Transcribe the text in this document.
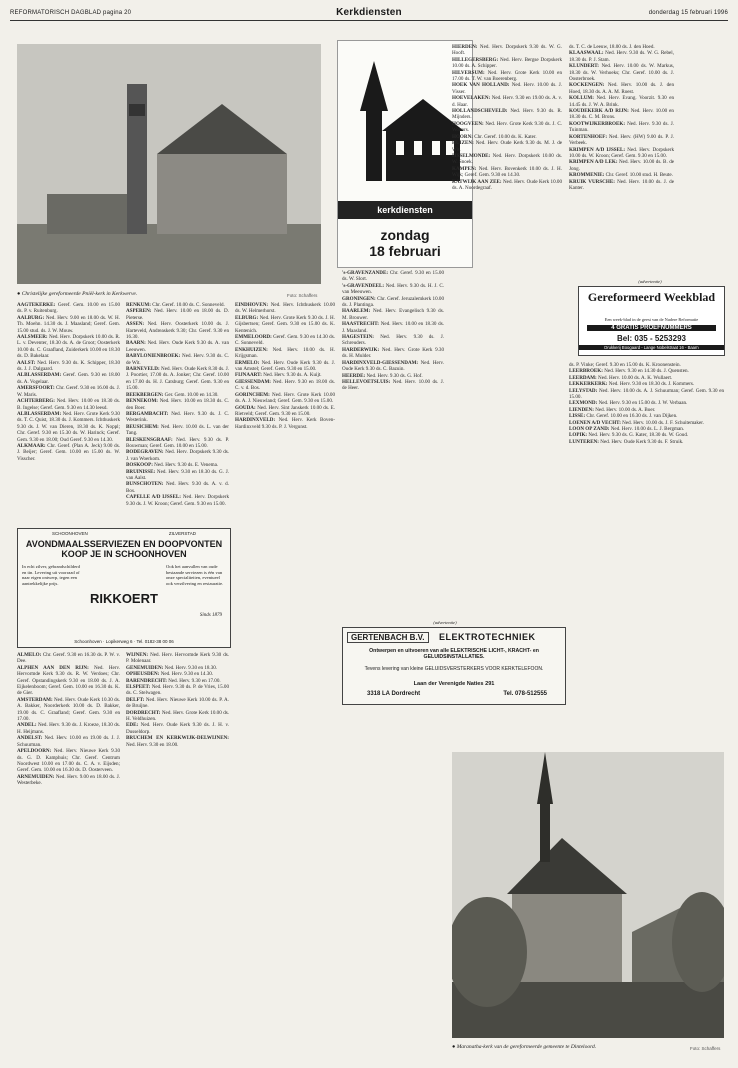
REFORMATORISCH DAGBLAD pagina 20	Kerkdiensten	donderdag 15 februari 1996
● Christelijke gereformeerde Pniël-kerk in Kerkwerve.	Foto: Schaffers
kerkdiensten
zondag
18 februari

AAGTEKERKE: Geref. Gem. 10.00 en 15.00 ds. P. v. Ruitenburg.

AALBURG: Ned. Herv. 9.00 en 18.00 ds. W. H. Th. Moehn. 14.30 ds. J. Maasland; Geref. Gem. 15.00 stud. ds. J. W. Mouw.

AALSMEER: Ned. Herv. Dorpskerk 10.00 ds. R. L. v. Deventer, 18.30 ds. A. de Groot; Oosterkerk 10.00 ds. C. Graafland, Zuiderkerk 10.00 en 18.30 ds. D. Bakelaar.

AALST: Ned. Herv. 9.30 ds. K. Schipper, 18.30 ds. J. J. Dalgaard.

ALBLASSERDAM: Geref. Gem. 9.30 en 18.00 ds. A. Vogelaar.

AMERSFOORT: Chr. Geref. 9.30 en 16.00 ds. J. W. Maris.

ACHTERBERG: Ned. Herv. 10.00 en 18.30 ds. B. Ingelse; Geref. Gem. 9.30 en 14.30 leesd.

ALBLASSERDAM: Ned. Herv. Grote Kerk 9.30 ds. T. C. Quist, 18.30 ds. J. Kommers. Ichthuskerk 9.30 ds. J. W. van Dieren, 18.30 ds. K. Noppl; Chr. Geref. 9.30 en 15.30 ds. W. Harinck; Geref. Gem. 9.30 en 18.00; Oud Geref. 9.30 en 14.30.

ALKMAAR: Chr. Geref. (Plan A. Jeck) 9.00 ds. J. Beijer; Geref. Gem. 10.00 en 15.00 ds. W. Visscher.

SCHOONHOVEN	ZILVERSTAD
AVONDMAALSSERVIEZEN EN DOOPVONTEN KOOP JE IN SCHOONHOVEN
In echt zilver, gebrandschilderd en tin. Levering uit voorraad of naar eigen ontwerp, tegen een aantrekkelijke prijs.
Ook het aanvullen van oude bestaande serviezen is één van onze specialiteiten, eventueel ook verzilvering en restauratie.
RIKKOERT
Sinds 1879
Schoonhoven · Lopikerweg 6 · Tel. 0182-38 00 06

ALMELO: Chr. Geref. 9.30 en 16.30 ds. P. W. v. Dee.

ALPHEN AAN DEN RIJN: Ned. Herv. Hervormde Kerk 9.30 ds. R. W. Verdoes; Chr. Geref. Opstandingskerk 9.30 en 18.00 ds. J. A. Eijkelenboom; Geref. Gem. 10.00 en 16.30 ds. K. de Gier.

AMSTERDAM: Ned. Herv. Oude Kerk 10.30 ds. A. Bakker, Noorderkerk 10.00 ds. D. Bakker, 19.00 ds. C. Graafland; Geref. Gem. 9.30 en 17.00.

ANDEL: Ned. Herv. 9.30 ds. J. Kroeze, 18.30 ds. H. Heijmans.

ANDELST: Ned. Herv. 10.00 en 19.00 ds. J. J. Schuurman.

APELDOORN: Ned. Herv. Nieuwe Kerk 9.30 ds. G. D. Kamphuis; Chr. Geref. Centrum Noordwest 10.00 en 17.00 ds. C. A. v. Eijsden; Geref. Gem. 10.00 en 16.30 ds. D. Oosterveen.

ARNEMUIDEN: Ned. Herv. 9.00 en 18.00 ds. J. Westerbeke.

RENKUM: Chr. Geref. 10.00 ds. C. Sonneveld.

ASPEREN: Ned. Herv. 10.00 en 18.00 ds. D. Pieterse.

ASSEN: Ned. Herv. Oosterkerk 10.00 ds. J. Harteveld, Andreaskerk 9.30; Chr. Geref. 9.30 en 16.30.

BAARN: Ned. Herv. Oude Kerk 9.30 ds. A. van Leeuwen.

BABYLONIENBROEK: Ned. Herv. 9.30 ds. C. de Wit.

BARNEVELD: Ned. Herv. Oude Kerk 8.30 ds. J. J. Poortier, 17.00 ds. A. Jonker; Chr. Geref. 10.00 en 17.00 ds. H. J. Catsburg; Geref. Gem. 9.30 en 15.00.

BEEKBERGEN: Ger. Gem. 10.00 en 14.30.

BENNEKOM: Ned. Herv. 10.00 en 18.30 ds. C. den Boer.

BERGAMBACHT: Ned. Herv. 9.30 ds. J. C. Westerink.

BEUSICHEM: Ned. Herv. 10.00 ds. L. van der Tang.

BLESKENSGRAAF: Ned. Herv. 9.30 ds. P. Bouwman; Geref. Gem. 10.00 en 15.00.

BODEGRAVEN: Ned. Herv. Dorpskerk 9.30 ds. J. van Woerkom.

BOSKOOP: Ned. Herv. 9.30 ds. E. Venema.

BRUINISSE: Ned. Herv. 9.30 en 18.30 ds. G. J. van Aalst.

BUNSCHOTEN: Ned. Herv. 9.30 ds. A. v. d. Bos.

CAPELLE A/D IJSSEL: Ned. Herv. Dorpskerk 9.30 ds. J. W. Kroon; Geref. Gem. 9.30 en 15.00.

WIJNEN: Ned. Herv. Hervormde Kerk 9.30 ds. P. Molenaar.

GENEMUIDEN: Ned. Herv. 9.30 en 18.30.

OPHEUSDEN: Ned. Herv. 9.30 en 14.30.

BARENDRECHT: Ned. Herv. 9.30 en 17.00.

ELSPEET: Ned. Herv. 9.30 ds. P. de Vries, 15.00 ds. C. Stelwagen.

DELFT: Ned. Herv. Nieuwe Kerk 10.00 ds. P. A. de Bruijne.

DORDRECHT: Ned. Herv. Grote Kerk 10.00 ds. H. Veldhuizen.

EDE: Ned. Herv. Oude Kerk 9.30 ds. J. H. v. Dusseldorp.

BRUCHEM EN KERKWIJK-DELWIJNEN: Ned. Herv. 9.30 en 18.00.

EINDHOVEN: Ned. Herv. Ichthuskerk 10.00 ds. W. Helmerhorst.

ELBURG: Ned. Herv. Grote Kerk 9.30 ds. J. H. Gijsbertsen; Geref. Gem. 9.30 en 15.00 ds. K. Kentenich.

EMMELOORD: Geref. Gem. 9.30 en 14.30 ds. C. Sonneveld.

ENKHUIZEN: Ned. Herv. 10.00 ds. H. Krijgsman.

ERMELO: Ned. Herv. Oude Kerk 9.30 ds. J. van Amstel; Geref. Gem. 9.30 en 15.00.

FIJNAART: Ned. Herv. 9.30 ds. A. Kuijt.

GIESSENDAM: Ned. Herv. 9.30 en 18.00 ds. C. v. d. Bos.

GORINCHEM: Ned. Herv. Grote Kerk 10.00 ds. A. J. Nieuwland; Geref. Gem. 9.30 en 15.00.

GOUDA: Ned. Herv. Sint Janskerk 10.00 ds. E. Rietveld; Geref. Gem. 9.30 en 15.00.

HARDINXVELD: Ned. Herv. Kerk Boven-Hardinxveld 9.30 ds. P. J. Vergunst.

's-GRAVENZANDE: Chr. Geref. 9.30 en 15.00 ds. W. Slort.

's-GRAVENDEEL: Ned. Herv. 9.30 ds. H. J. C. van Meeuwen.

GRONINGEN: Chr. Geref. Jeruzalemkerk 10.00 ds. J. Plantinga.

HAARLEM: Ned. Herv. Evangelisch 9.30 ds. M. Brouwer.

HAASTRECHT: Ned. Herv. 10.00 en 18.30 ds. J. Maasland.

HAGESTEIN: Ned. Herv. 9.30 ds. J. Schreuders.

HARDERWIJK: Ned. Herv. Grote Kerk 9.30 ds. H. Mulder.

HARDINXVELD-GIESSENDAM: Ned. Herv. Oude Kerk 9.30 ds. C. Bazuin.

HEERDE: Ned. Herv. 9.30 ds. G. Hof.

HELLEVOETSLUIS: Ned. Herv. 10.00 ds. J. de Heer.

HIERDEN: Ned. Herv. Dorpskerk 9.30 ds. W. G. Hooft.

HILLEGERSBERG: Ned. Herv. Bergse Dorpskerk 10.00 ds. A. Schipper.

HILVERSUM: Ned. Herv. Grote Kerk 10.00 en 17.00 ds. T. W. van Boerenberg.

HOEK VAN HOLLAND: Ned. Herv. 10.00 ds. J. Visser.

HOEVELAKEN: Ned. Herv. 9.30 en 19.00 ds. A. v. d. Haar.

HOLLANDSCHEVELD: Ned. Herv. 9.30 ds. R. Mijnders.

HOOGVEEN: Ned. Herv. Grote Kerk 9.30 ds. J. C. Wolters.

HOORN: Chr. Geref. 10.00 ds. K. Kater.

HUIZEN: Ned. Herv. Oude Kerk 9.30 ds. M. J. de Wit.

IJSSELMONDE: Ned. Herv. Dorpskerk 10.00 ds. W. Snoek.

KAMPEN: Ned. Herv. Bovenkerk 10.00 ds. J. H. Wijk; Geref. Gem. 9.30 en 14.30.

KATWIJK AAN ZEE: Ned. Herv. Oude Kerk 10.00 ds. A. Noordegraaf.

(advertentie)
GERTENBACH B.V.	ELEKTROTECHNIEK
Ontwerpen en uitvoeren van alle ELEKTRISCHE LICHT-, KRACHT- en GELUIDSINSTALLATIES.
Tevens levering van kleine GELUIDSVERSTERKERS VOOR KERKTELEFOON.
Laan der Verenigde Naties 291
3318 LA Dordrecht	Tel. 078-512555

ds. T. C. de Leeuw, 18.00 ds. J. den Hoed.

KLAASWAAL: Ned. Herv. 9.30 ds. W. G. Rebel, 18.30 ds. P. J. Stam.

KLUNDERT: Ned. Herv. 10.00 ds. W. Markus, 18.30 ds. W. Verhoeks; Chr. Geref. 10.00 ds. J. Oosterbroek.

KOCKENGEN: Ned. Herv. 10.00 ds. J. den Hoed, 18.30 ds. A. A. M. Roest.

KOLLUM: Ned. Herv. Evang. Voorzit. 9.30 en 14.45 ds. J. W. A. Brink.

KOUDEKERK A/D RIJN: Ned. Herv. 10.00 en 18.30 ds. C. M. Brons.

KOOTWIJKERBROEK: Ned. Herv. 9.30 ds. J. Tuinman.

KORTENHOEF: Ned. Herv. (HW) 9.00 ds. P. J. Verbeek.

KRIMPEN A/D IJSSEL: Ned. Herv. Dorpskerk 10.00 ds. W. Kroon; Geref. Gem. 9.30 en 15.00.

KRIMPEN A/D LEK: Ned. Herv. 10.00 ds. B. de Jong.

KROMMENIE: Chr. Geref. 10.00 stud. H. Beute.

KRUIK VURSCHE: Ned. Herv. 10.00 ds. J. de Kanter.

(advertentie)
Gereformeerd Weekblad
Een week-blad in de geest van de Nadere Reformatie
4 GRATIS PROEFNUMMERS
Bel: 035 - 5253293
Drukkerij Boogaard - Lange Nobelstraat 16 - Baarn

ds. P. Vinke; Geref. 9.30 en 15.00 ds. K. Kroonenstein.

LEERBROEK: Ned. Herv. 9.30 en 14.30 ds. J. Quensten.

LEERDAM: Ned. Herv. 10.00 ds. A. K. Wullaert.

LEKKERKERK: Ned. Herv. 9.30 en 18.30 ds. J. Kommers.

LELYSTAD: Ned. Herv. 10.00 ds. A. J. Schuurman; Geref. Gem. 9.30 en 15.00.

LEXMOND: Ned. Herv. 9.30 en 15.00 ds. J. W. Verbaan.

LIENDEN: Ned. Herv. 10.00 ds. A. Boer.

LISSE: Chr. Geref. 10.00 en 16.30 ds. J. van Dijken.

LOENEN A/D VECHT: Ned. Herv. 10.00 ds. J. F. Schuitemaker.

LOON OP ZAND: Ned. Herv. 10.00 ds. L. J. Bergman.

LOPIK: Ned. Herv. 9.30 ds. G. Kater, 18.30 ds. W. Goud.

LUNTEREN: Ned. Herv. Oude Kerk 9.30 ds. F. Struik.

● Maranatha-kerk van de gereformeerde gemeente te Dinteloord.	Foto: Schaffers
